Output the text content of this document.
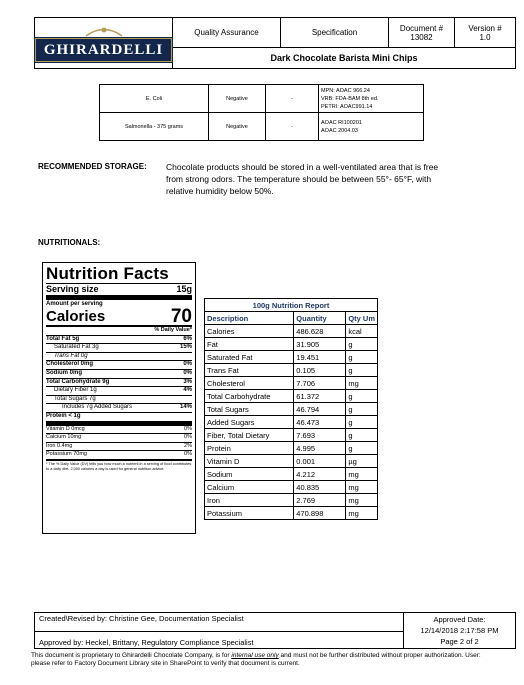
GHIRARDELLI
Quality Assurance	Specification	Document #
13082
Version #
1.0
Dark Chocolate Barista Mini Chips
E. Coli	Negative	-	MPN: AOAC 966.24
VRB: FDA-BAM 8th ed.
PETRI: AOAC991.14

Salmonella - 375 grams	Negative	-	AOAC RI100201
AOAC 2004.03
RECOMMENDED STORAGE: Chocolate products should be stored in a well-ventilated area that is free
from strong odors. The temperature should be between 55°- 65°F, with
relative humidity below 50%.
NUTRITIONALS:
Nutrition Facts
Serving size	15g
Amount per serving
Calories	70
% Daily Value*
Total Fat 5g	6%
Saturated Fat 3g	15%
Trans Fat 0g
Cholesterol 0mg	0%
Sodium 0mg	0%
Total Carbohydrate 9g	3%
Dietary Fiber 1g	4%
Total Sugars 7g
Includes 7g Added Sugars	14%
Protein < 1g
Vitamin D 0mcg	0%
Calcium 10mg	0%
Iron 0.4mg	2%
Potassium 70mg	0%
* The % Daily Value (DV) tells you how much a nutrient in a serving of food contributes to a daily diet. 2,000 calories a day is used for general nutrition advice.
100g Nutrition Report		
Description	Quantity	Qty Um
Calories	486.628	kcal
Fat	31.905	g
Saturated Fat	19.451	g
Trans Fat	0.105	g
Cholesterol	7.706	mg
Total Carbohydrate	61.372	g
Total Sugars	46.794	g
Added Sugars	46.473	g
Fiber, Total Dietary	7.693	g
Protein	4.995	g
Vitamin D	0.001	µg
Sodium	4.212	mg
Calcium	40.835	mg
Iron	2.769	mg
Potassium	470.898	mg
Created\Revised by: Christine Gee, Documentation Specialist	Approved Date:
12/14/2018 2:17:58 PM
Page 2 of 2

Approved by: Heckel, Brittany, Regulatory Compliance Specialist
This document is proprietary to Ghirardelli Chocolate Company, is for internal use only and must not be further distributed without proper authorization. User: please refer to Factory Document Library site in SharePoint to verify that document is current.
